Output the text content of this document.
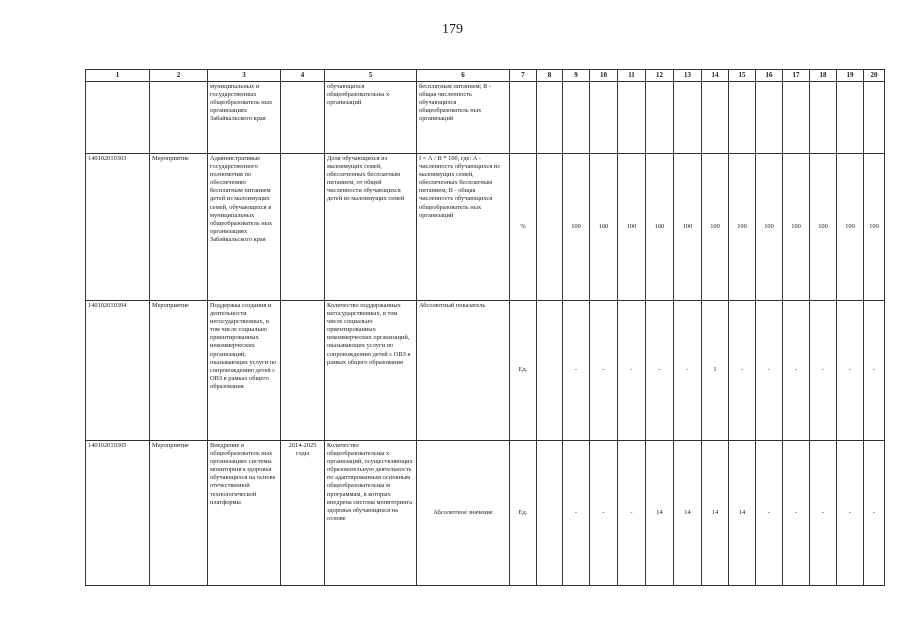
179
1	2	3	4	5	6	7	8	9	10	11	12	13	14	15	16	17	18	19	20
		муниципальных и государственных общеобразователь ных организациях Забайкальского края		обучающихся общеобразовательны х организаций	бесплатным питанием; В - общая численность обучающихся общеобразователь ных организаций														
140102010303	Мероприятие	Административые государственного полномочия по обеспечению бесплатным питанием детей из малоимущих семей, обучающихся в муниципальных общеобразователь ных организациях Забайкальского края		Доля обучающихся из малоимущих семей, обеспеченных бесплатным питанием, от общей численности обучающихся детей из малоимущих семей	I = А / В * 100, где: А - численность обучающихся из малоимущих семей, обеспеченных бесплатным питанием; В - общая численность обучающихся общеобразователь ных организаций	%		100	100	100	100	100	100	100	100	100	100	100	100
140102010304	Мероприятие	Поддержка создания и деятельности негосударственных, в том числе социально ориентированных некоммерческих организаций, оказывающих услуги по сопровождению детей с ОВЗ в рамках общего образования		Количество поддержанных негосударственных, в том числе социально ориентированных некоммерческих организаций, оказывающих услуги по сопровождению детей с ОВЗ в рамках общего образования	Абсолютный показатель	Ед.		-	-	-	-	-	1	-	-	-	-	-	-
140102010305	Мероприятие	Внедрение в общеобразователь ных организациях системы мониторинга здоровья обучающихся на основе отечественной технологической платформы	2014-2025 годы	Количество общеобразовательны х организаций, осуществляющих образовательную деятельность по адаптированным основным общеобразовательны м программам, в которых внедрена система мониторинга здоровья обучающихся на основе	Абсолютное значение	Ед.		-	-	-	14	14	14	14	-	-	-	-	-
